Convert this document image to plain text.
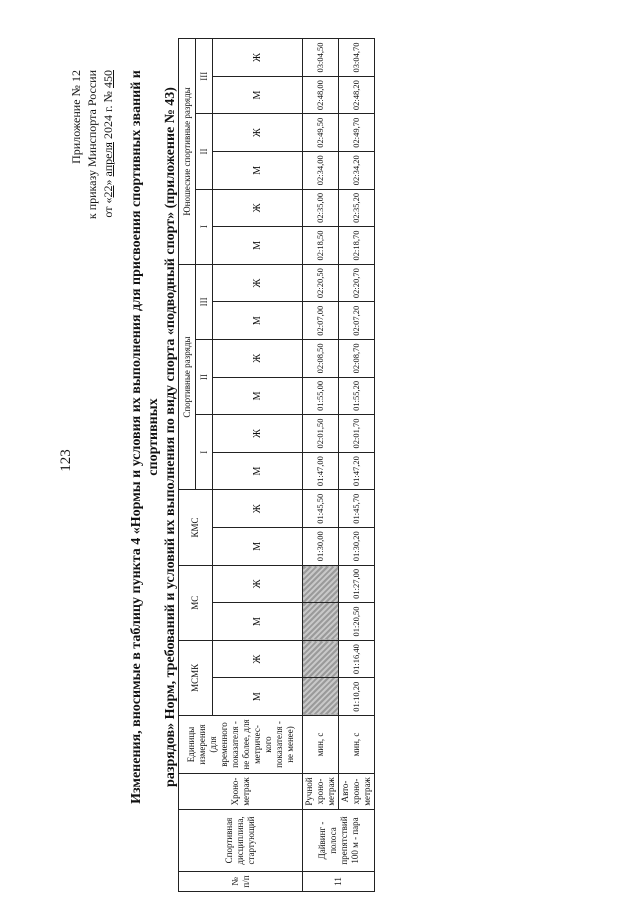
123
Приложение № 12 к приказу Минспорта России от «22» апреля 2024 г. № 450 Изменения, вносимые в таблицу пункта 4 «Нормы и условия их выполнения для присвоения спортивных званий и спортивных разрядов» Норм, требований и условий их выполнения по виду спорта «подводный спорт» (приложение № 43)
№ п/п	Спортивная дисциплина, стартующий	Хроно-метраж	Единицы измерения (для временного показателя - не более, для метричес-кого показателя - не менее)	МСМК		МС		КМС		Спортивные разряды						Юношеские спортивные разряды					
										I		II		III		I		II		III	
				М	Ж	М	Ж	М	Ж	М	Ж	М	Ж	М	Ж	М	Ж	М	Ж	М	Ж
11	Дайвинг - полоса препятствий 100 м - пара	Ручной хроно-метраж	мин, с					01:30,00	01:45,50	01:47,00	02:01,50	01:55,00	02:08,50	02:07,00	02:20,50	02:18,50	02:35,00	02:34,00	02:49,50	02:48,00	03:04,50
		Авто-хроно-метраж	мин, с	01:10,20	01:16,40	01:20,50	01:27,00	01:30,20	01:45,70	01:47,20	02:01,70	01:55,20	02:08,70	02:07,20	02:20,70	02:18,70	02:35,20	02:34,20	02:49,70	02:48,20	03:04,70
